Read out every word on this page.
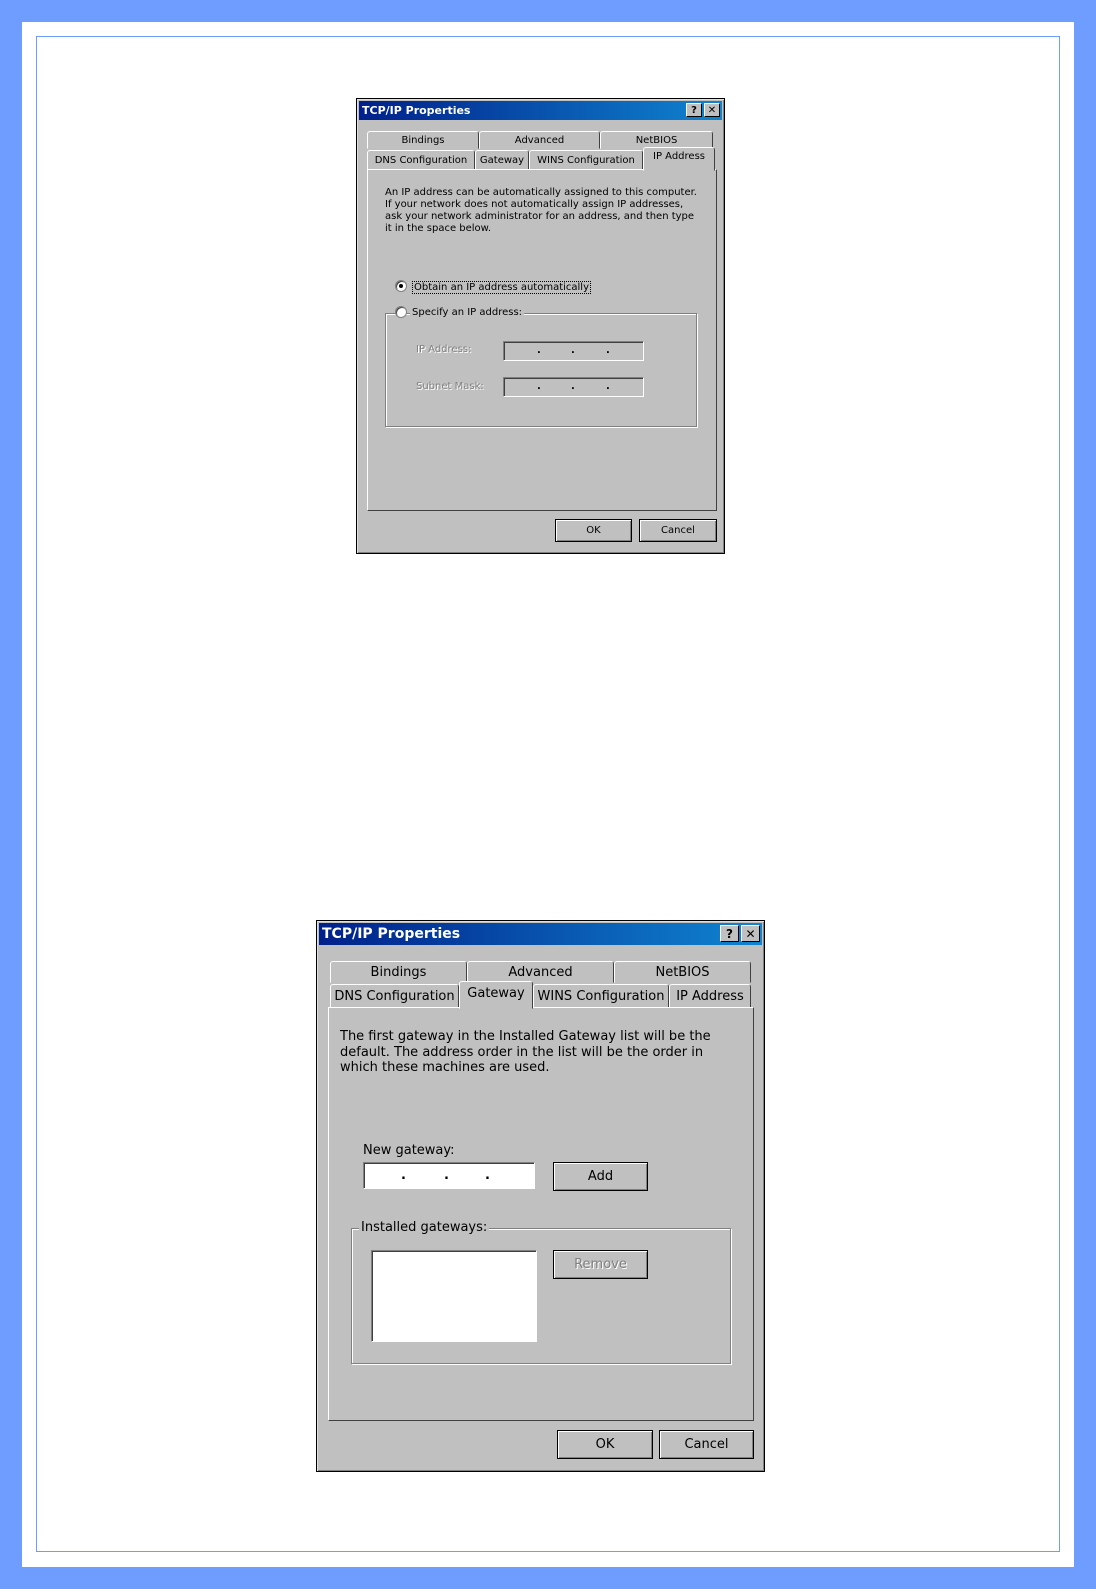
TCP/IP Properties	? ✕
Bindings	Advanced	NetBIOS
DNS Configuration Gateway WINS Configuration IP Address
An IP address can be automatically assigned to this computer. If your network does not automatically assign IP addresses, ask your network administrator for an address, and then type it in the space below.
Obtain an IP address automatically
Specify an IP address:
IP Address:	.	.	.
Subnet Mask:	.	.	.
OK	Cancel
TCP/IP Properties	? ✕
Bindings	Advanced	NetBIOS
DNS Configuration Gateway WINS Configuration IP Address
The first gateway in the Installed Gateway list will be the default. The address order in the list will be the order in which these machines are used.
New gateway:
.	.	.	Add
Installed gateways:
Remove
OK	Cancel
